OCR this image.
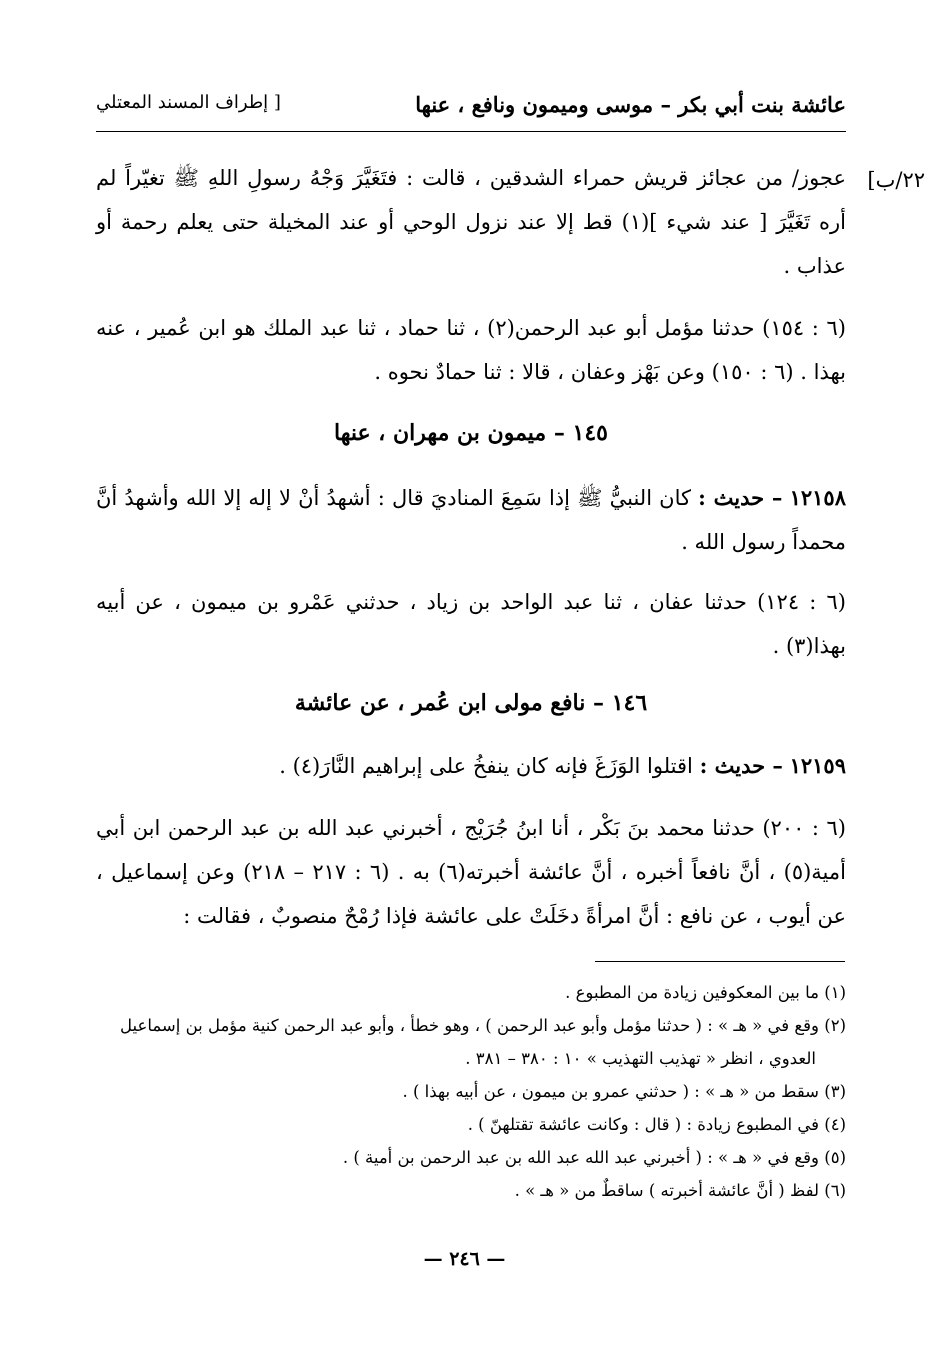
عائشة بنت أبي بكر – موسى وميمون ونافع ، عنها
[ إطراف المسند المعتلي
٢٢/ب]

عجوز/ من عجائز قريش حمراء الشدقين ، قالت : فتَغَيَّرَ وَجْهُ رسولِ اللهِ ﷺ تغيّراً لم أره تَغَيَّرَ [ عند شيء ](١) قط إلا عند نزول الوحي أو عند المخيلة حتى يعلم رحمة أو عذاب .

(٦ : ١٥٤) حدثنا مؤمل أبو عبد الرحمن(٢) ، ثنا حماد ، ثنا عبد الملك هو ابن عُمير ، عنه بهذا . (٦ : ١٥٠) وعن بَهْز وعفان ، قالا : ثنا حمادٌ نحوه .

١٤٥ – ميمون بن مهران ، عنها

١٢١٥٨ – حديث : كان النبيُّ ﷺ إذا سَمِعَ المناديَ قال : أشهدُ أنْ لا إله إلا الله وأشهدُ أنَّ محمداً رسول الله .

(٦ : ١٢٤) حدثنا عفان ، ثنا عبد الواحد بن زياد ، حدثني عَمْرو بن ميمون ، عن أبيه بهذا(٣) .

١٤٦ – نافع مولى ابن عُمر ، عن عائشة

١٢١٥٩ – حديث : اقتلوا الوَزَغَ فإنه كان ينفخُ على إبراهيم النَّارَ(٤) .

(٦ : ٢٠٠) حدثنا محمد بنَ بَكْر ، أنا ابنُ جُرَيْج ، أخبرني عبد الله بن عبد الرحمن ابن أبي أمية(٥) ، أنَّ نافعاً أخبره ، أنَّ عائشة أخبرته(٦) به . (٦ : ٢١٧ – ٢١٨) وعن إسماعيل ، عن أيوب ، عن نافع : أنَّ امرأةً دخَلَتْ على عائشة فإذا رُمْحٌ منصوبٌ ، فقالت :

(١) ما بين المعكوفين زيادة من المطبوع .

(٢) وقع في « هـ » : ( حدثنا مؤمل وأبو عبد الرحمن ) ، وهو خطأ ، وأبو عبد الرحمن كنية مؤمل بن إسماعيل

العدوي ، انظر « تهذيب التهذيب » ١٠ : ٣٨٠ – ٣٨١ .

(٣) سقط من « هـ » : ( حدثني عمرو بن ميمون ، عن أبيه بهذا ) .

(٤) في المطبوع زيادة : ( قال : وكانت عائشة تقتلهنّ ) .

(٥) وقع في « هـ » : ( أخبرني عبد الله عبد الله بن عبد الرحمن بن أمية ) .

(٦) لفظ ( أنَّ عائشة أخبرته ) ساقطٌ من « هـ » .

— ٢٤٦ —
